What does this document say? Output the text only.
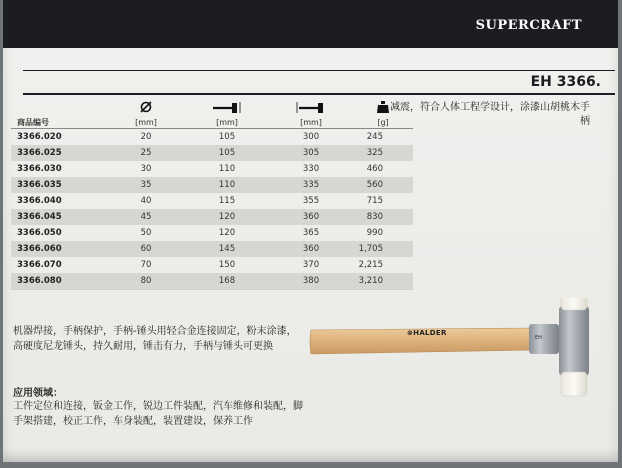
SUPERCRAFT
EH 3366.
减震，符合人体工程学设计，涂漆山胡桃木手柄

商品编号	[mm]	[mm]	[mm]	[g]
3366.020	20	105	300	245
3366.025	25	105	305	325
3366.030	30	110	330	460
3366.035	35	110	335	560
3366.040	40	115	355	715
3366.045	45	120	360	830
3366.050	50	120	365	990
3366.060	60	145	360	1,705
3366.070	70	150	370	2,215
3366.080	80	168	380	3,210
机器焊接，手柄保护，手柄-锤头用轻合金连接固定，粉末涂漆，高硬度尼龙锤头，持久耐用，锤击有力，手柄与锤头可更换
应用领域：
工件定位和连接，钣金工作，锐边工件装配，汽车维修和装配，脚手架搭建，校正工作，车身装配，装置建设，保养工作
EH
⊗HALDER
